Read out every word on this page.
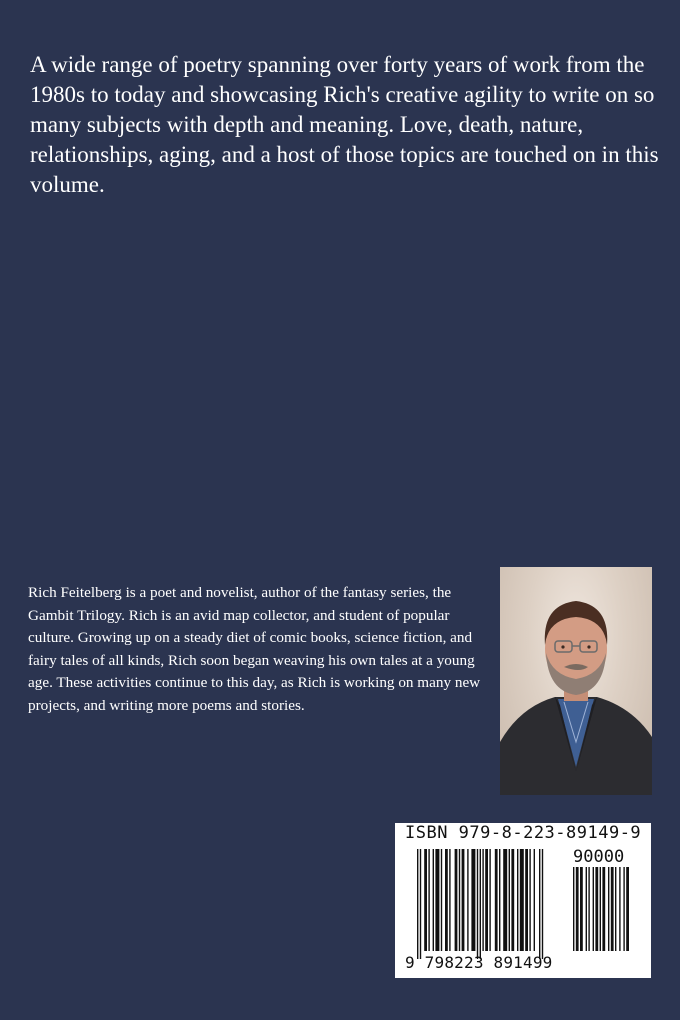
A wide range of poetry spanning over forty years of work from the 1980s to today and showcasing Rich's creative agility to write on so many subjects with depth and meaning. Love, death, nature, relationships, aging, and a host of those topics are touched on in this volume.

Rich Feitelberg is a poet and novelist, author of the fantasy series, the Gambit Trilogy. Rich is an avid map collector, and student of popular culture. Growing up on a steady diet of comic books, science fiction, and fairy tales of all kinds, Rich soon began weaving his own tales at a young age. These activities continue to this day, as Rich is working on many new projects, and writing more poems and stories.

ISBN 979-8-223-89149-9
90000
9 798223 891499
